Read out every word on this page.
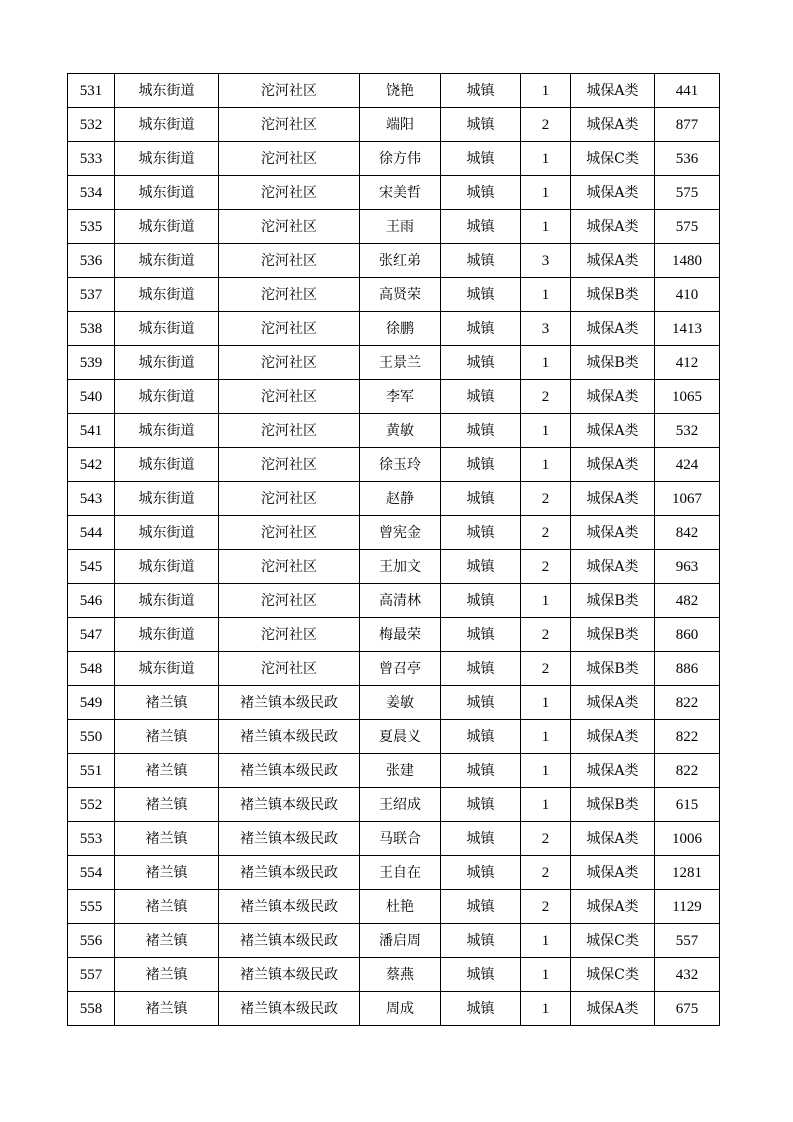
531	城东街道	沱河社区	饶艳	城镇	1	城保A类	441
532	城东街道	沱河社区	端阳	城镇	2	城保A类	877
533	城东街道	沱河社区	徐方伟	城镇	1	城保C类	536
534	城东街道	沱河社区	宋美哲	城镇	1	城保A类	575
535	城东街道	沱河社区	王雨	城镇	1	城保A类	575
536	城东街道	沱河社区	张红弟	城镇	3	城保A类	1480
537	城东街道	沱河社区	高贤荣	城镇	1	城保B类	410
538	城东街道	沱河社区	徐鹏	城镇	3	城保A类	1413
539	城东街道	沱河社区	王景兰	城镇	1	城保B类	412
540	城东街道	沱河社区	李军	城镇	2	城保A类	1065
541	城东街道	沱河社区	黄敏	城镇	1	城保A类	532
542	城东街道	沱河社区	徐玉玲	城镇	1	城保A类	424
543	城东街道	沱河社区	赵静	城镇	2	城保A类	1067
544	城东街道	沱河社区	曾宪金	城镇	2	城保A类	842
545	城东街道	沱河社区	王加文	城镇	2	城保A类	963
546	城东街道	沱河社区	高清林	城镇	1	城保B类	482
547	城东街道	沱河社区	梅最荣	城镇	2	城保B类	860
548	城东街道	沱河社区	曾召亭	城镇	2	城保B类	886
549	褚兰镇	褚兰镇本级民政	姜敏	城镇	1	城保A类	822
550	褚兰镇	褚兰镇本级民政	夏晨义	城镇	1	城保A类	822
551	褚兰镇	褚兰镇本级民政	张建	城镇	1	城保A类	822
552	褚兰镇	褚兰镇本级民政	王绍成	城镇	1	城保B类	615
553	褚兰镇	褚兰镇本级民政	马联合	城镇	2	城保A类	1006
554	褚兰镇	褚兰镇本级民政	王自在	城镇	2	城保A类	1281
555	褚兰镇	褚兰镇本级民政	杜艳	城镇	2	城保A类	1129
556	褚兰镇	褚兰镇本级民政	潘启周	城镇	1	城保C类	557
557	褚兰镇	褚兰镇本级民政	蔡燕	城镇	1	城保C类	432
558	褚兰镇	褚兰镇本级民政	周成	城镇	1	城保A类	675
